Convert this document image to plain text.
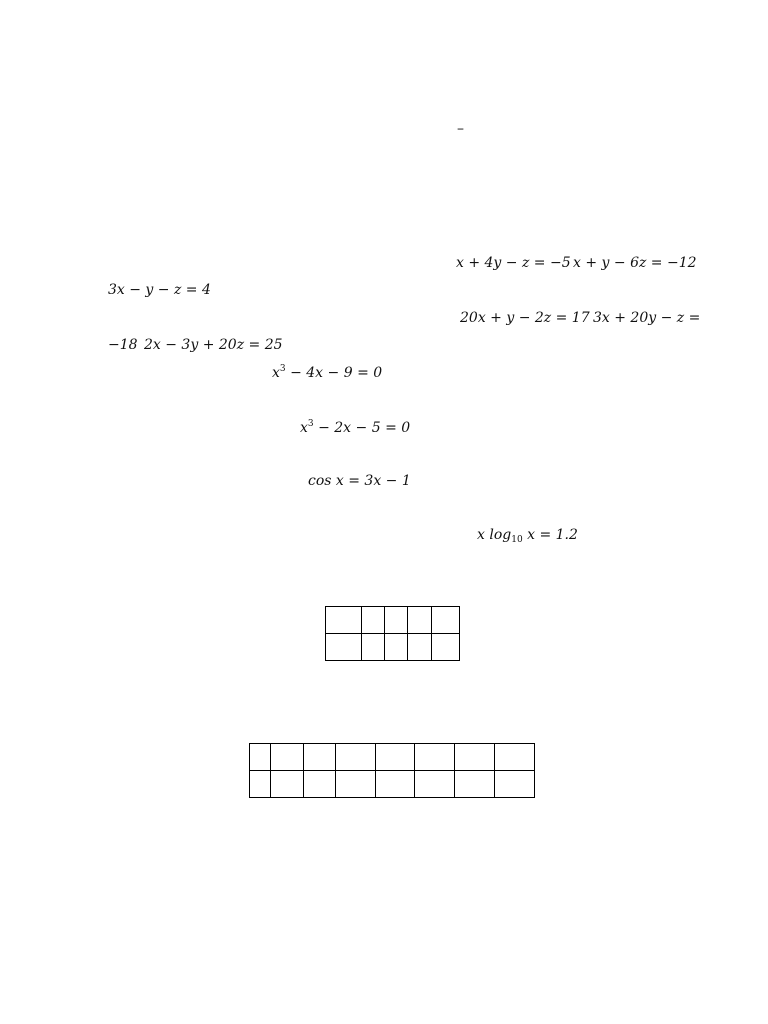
–
x + 4y − z = −5 x + y − 6z = −12
3x − y − z = 4
20x + y − 2z = 17 3x + 20y − z =
−18 2x − 3y + 20z = 25
$x^3 - 4x - 9 = 0$
$x^3 - 2x - 5 = 0$
cos x = 3x − 1
x $\log_{10} x = 1.2$
